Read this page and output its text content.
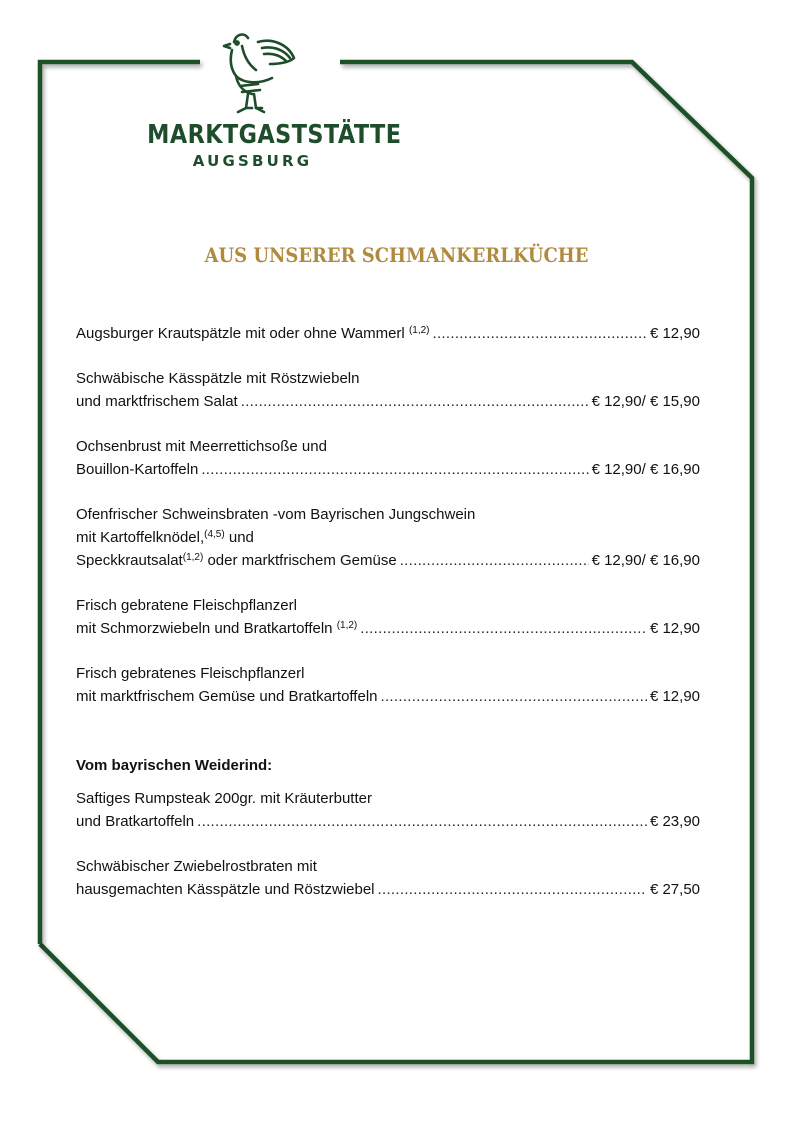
MARKTGASTSTÄTTE
AUGSBURG
AUS UNSERER SCHMANKERLKÜCHE
Augsburger Krautspätzle mit oder ohne Wammerl $^{(1,2)}$ .....	€ 12,90
Schwäbische Kässpätzle mit Röstzwiebeln
und marktfrischem Salat .....	€ 12,90/ € 15,90
Ochsenbrust mit Meerrettichsoße und
Bouillon-Kartoffeln .....	€ 12,90/ € 16,90
Ofenfrischer Schweinsbraten -vom Bayrischen Jungschwein
mit Kartoffelknödel,$^{(4,5)}$ und
Speckkrautsalat$^{(1,2)}$ oder marktfrischem Gemüse .....	€ 12,90/ € 16,90
Frisch gebratene Fleischpflanzerl
mit Schmorzwiebeln und Bratkartoffeln $^{(1,2)}$ .....	€ 12,90
Frisch gebratenes Fleischpflanzerl
mit marktfrischem Gemüse und Bratkartoffeln .....	€ 12,90
Vom bayrischen Weiderind:
Saftiges Rumpsteak 200gr. mit Kräuterbutter
und Bratkartoffeln .....	€ 23,90
Schwäbischer Zwiebelrostbraten mit
hausgemachten Kässpätzle und Röstzwiebel .....	€ 27,50
